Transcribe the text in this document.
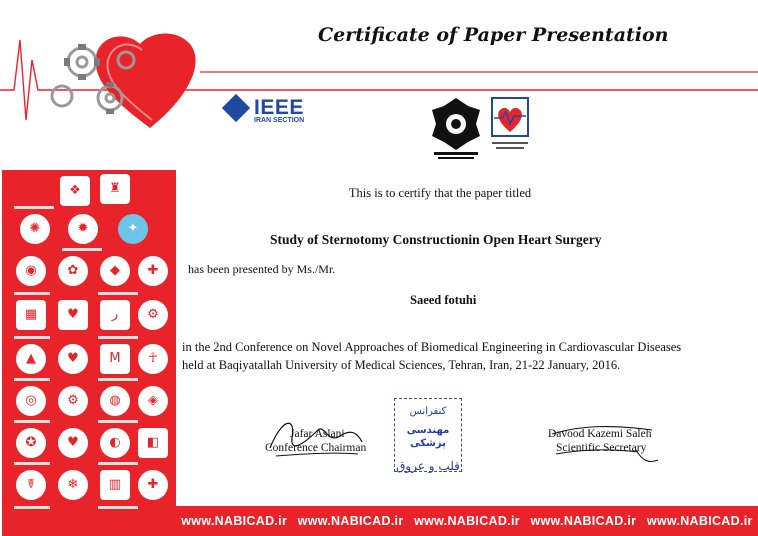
Certificate of Paper Presentation
IEEE
IRAN SECTION
This is to certify that the paper titled
Study of Sternotomy Constructionin Open Heart Surgery
has been presented by Ms./Mr.
Saeed fotuhi
in the 2nd Conference on Novel Approaches of Biomedical Engineering in Cardiovascular Diseases
held at Baqiyatallah University of Medical Sciences, Tehran, Iran, 21-22 January, 2016.
Jafar Aslani
Conference Chairman
Davood Kazemi Saleh
Scientific Secretary
کنفرانس
مهندسی پزشکی
قلب و عروق
❖	♜
✺	✹	✦
◉	✿	◆	✚
▦	♥	ر	⚙
▲	♥	M	☥
◎	⚙	◍	◈
✪	♥	◐	◧
☤	❄	▥	✚
www.NABICAD.ir www.NABICAD.ir www.NABICAD.ir www.NABICAD.ir www.NABICAD.ir
